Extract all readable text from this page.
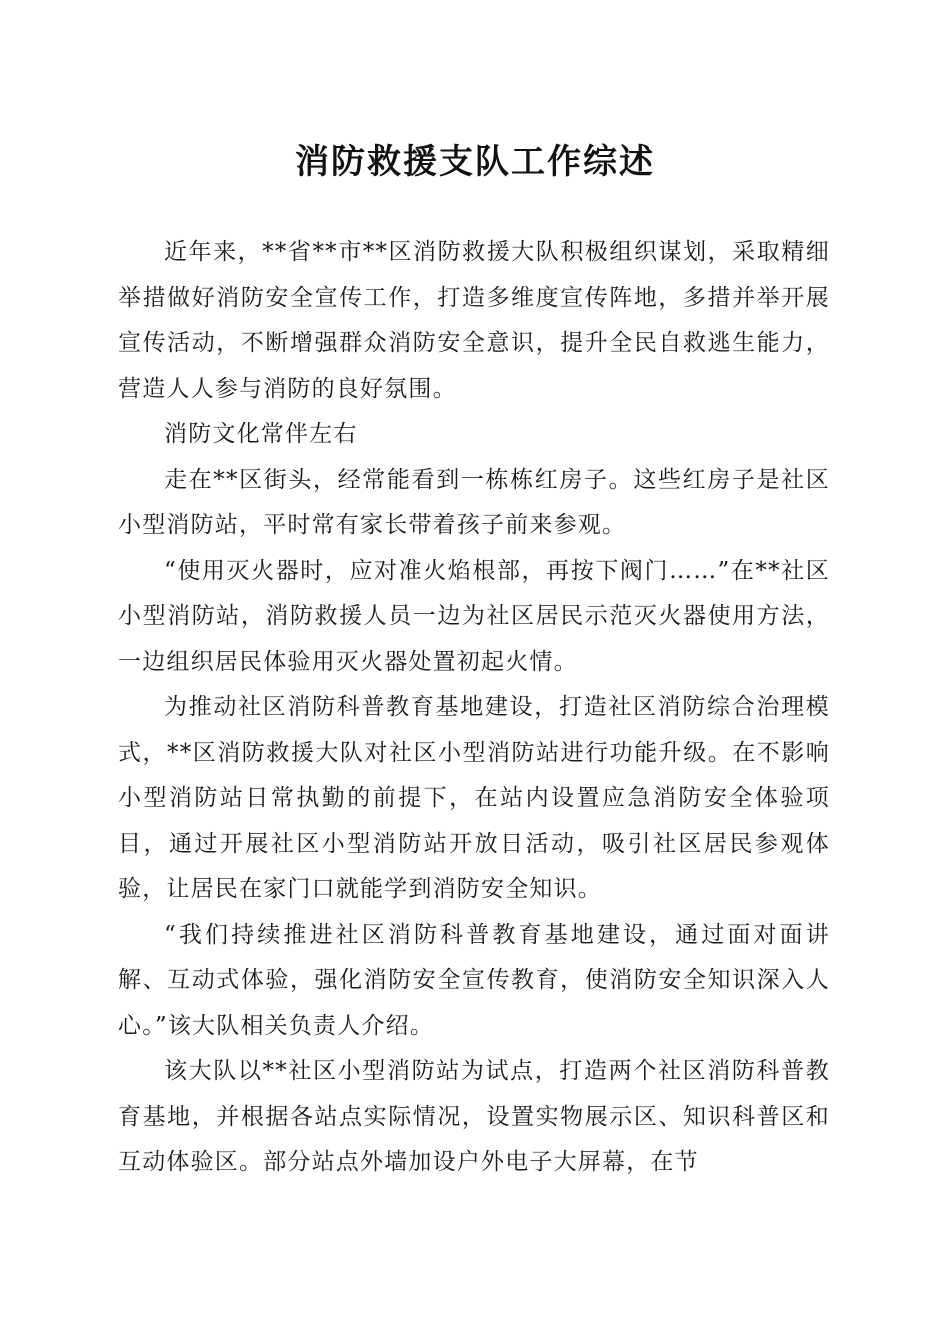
消防救援支队工作综述

近年来，**省**市**区消防救援大队积极组织谋划，采取精细举措做好消防安全宣传工作，打造多维度宣传阵地，多措并举开展宣传活动，不断增强群众消防安全意识，提升全民自救逃生能力，营造人人参与消防的良好氛围。

消防文化常伴左右

走在**区街头，经常能看到一栋栋红房子。这些红房子是社区小型消防站，平时常有家长带着孩子前来参观。

“使用灭火器时，应对准火焰根部，再按下阀门……”在**社区小型消防站，消防救援人员一边为社区居民示范灭火器使用方法，一边组织居民体验用灭火器处置初起火情。

为推动社区消防科普教育基地建设，打造社区消防综合治理模式，**区消防救援大队对社区小型消防站进行功能升级。在不影响小型消防站日常执勤的前提下，在站内设置应急消防安全体验项目，通过开展社区小型消防站开放日活动，吸引社区居民参观体验，让居民在家门口就能学到消防安全知识。

“我们持续推进社区消防科普教育基地建设，通过面对面讲解、互动式体验，强化消防安全宣传教育，使消防安全知识深入人心。”该大队相关负责人介绍。

该大队以**社区小型消防站为试点，打造两个社区消防科普教育基地，并根据各站点实际情况，设置实物展示区、知识科普区和互动体验区。部分站点外墙加设户外电子大屏幕，在节
